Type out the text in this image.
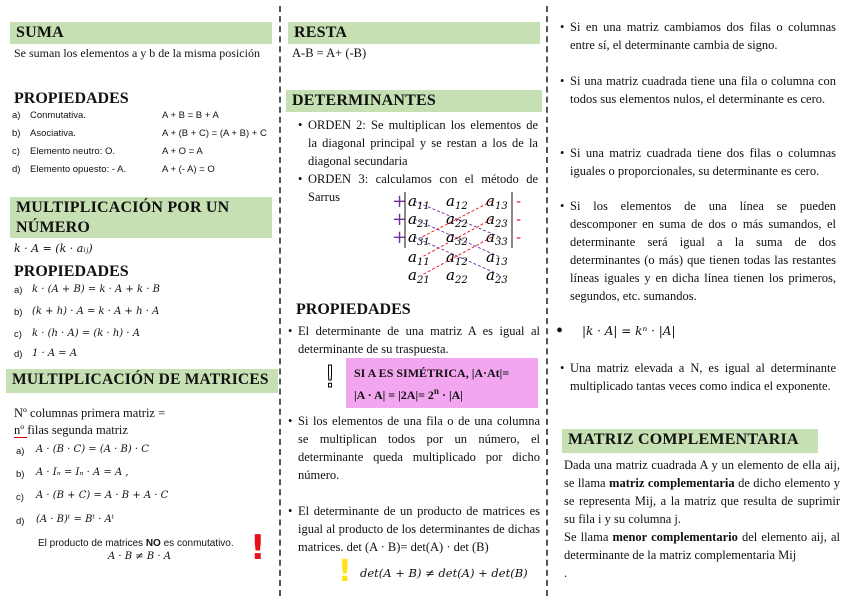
SUMA
Se suman los elementos a y b de la misma posición
PROPIEDADES
a) Conmutativa.	A + B = B + A
b) Asociativa.	A + (B + C) = (A + B) + C
c) Elemento neutro: O.	A + O = A
d) Elemento opuesto: - A.	A + (- A) = O
MULTIPLICACIÓN POR UN NÚMERO
k · A = (k · aᵢⱼ)
PROPIEDADES
a) k · (A + B) = k · A + k · B
b) (k + h) · A = k · A + h · A
c) k · (h · A) = (k · h) · A
d) 1 · A = A
MULTIPLICACIÓN DE MATRICES
Nº columnas primera matriz =
nº filas segunda matriz
a) A · (B · C) = (A · B) · C
b) A · Iₙ = Iₙ · A = A ,
c) A · (B + C) = A · B + A · C
d) (A · B)ᵗ = Bᵗ · Aᵗ
El producto de matrices NO es conmutativo.
A · B ≠ B · A !
RESTA
A-B = A+ (-B)
DETERMINANTES
• ORDEN 2: Se multiplican los elementos de la diagonal principal y se restan a los de la diagonal secundaria
• ORDEN 3: calculamos con el método de Sarrus	+	-
+	-
+	-
$a_{11}$ $a_{12}$ $a_{13}$
$a_{21}$ $a_{22}$ $a_{23}$
$a_{31}$ $a_{32}$ $a_{33}$
$a_{11}$ $a_{12}$ $a_{13}$
$a_{21}$ $a_{22}$ $a_{23}$
PROPIEDADES
• El determinante de una matriz A es igual al determinante de su traspuesta.
! SI A ES SIMÉTRICA, |A·At|=
$|A \cdot A| = |2A|= 2^n \cdot |A|$
• Si los elementos de una fila o de una columna se multiplican todos por un número, el determinante queda multiplicado por dicho número.
• El determinante de un producto de matrices es igual al producto de los determinantes de dichas matrices. det (A · B)= det(A) · det (B)
! det(A + B) ≠ det(A) + det(B)
• Si en una matriz cambiamos dos filas o columnas entre sí, el determinante cambia de signo.
• Si una matriz cuadrada tiene una fila o columna con todos sus elementos nulos, el determinante es cero.
• Si una matriz cuadrada tiene dos filas o columnas iguales o proporcionales, su determinante es cero.
• Si los elementos de una línea se pueden descomponer en suma de dos o más sumandos, el determinante será igual a la suma de dos determinantes (o más) que tienen todas las restantes líneas iguales y en dicha línea tienen los primeros, segundos, etc. sumandos.
• |k · A| = kⁿ · |A|
• Una matriz elevada a N, es igual al determinante multiplicado tantas veces como indica el exponente.
MATRIZ COMPLEMENTARIA
Dada una matriz cuadrada A y un elemento de ella aij, se llama matriz complementaria de dicho elemento y se representa Mij, a la matriz que resulta de suprimir su fila i y su columna j.
Se llama menor complementario del elemento aij, al determinante de la matriz complementaria Mij
.
